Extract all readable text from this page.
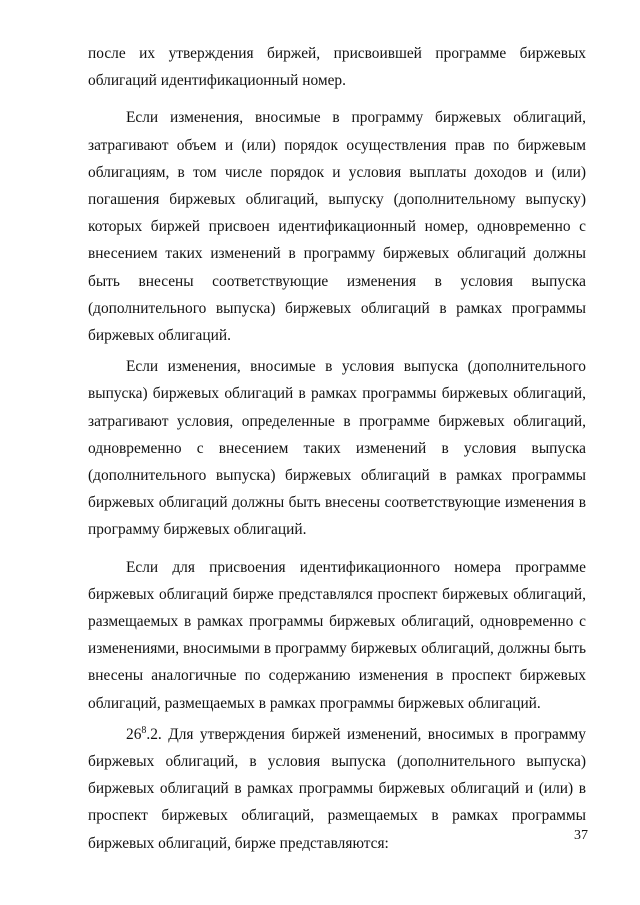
после их утверждения биржей, присвоившей программе биржевых облигаций идентификационный номер.

Если изменения, вносимые в программу биржевых облигаций, затрагивают объем и (или) порядок осуществления прав по биржевым облигациям, в том числе порядок и условия выплаты доходов и (или) погашения биржевых облигаций, выпуску (дополнительному выпуску) которых биржей присвоен идентификационный номер, одновременно с внесением таких изменений в программу биржевых облигаций должны быть внесены соответствующие изменения в условия выпуска (дополнительного выпуска) биржевых облигаций в рамках программы биржевых облигаций.

Если изменения, вносимые в условия выпуска (дополнительного выпуска) биржевых облигаций в рамках программы биржевых облигаций, затрагивают условия, определенные в программе биржевых облигаций, одновременно с внесением таких изменений в условия выпуска (дополнительного выпуска) биржевых облигаций в рамках программы биржевых облигаций должны быть внесены соответствующие изменения в программу биржевых облигаций.

Если для присвоения идентификационного номера программе биржевых облигаций бирже представлялся проспект биржевых облигаций, размещаемых в рамках программы биржевых облигаций, одновременно с изменениями, вносимыми в программу биржевых облигаций, должны быть внесены аналогичные по содержанию изменения в проспект биржевых облигаций, размещаемых в рамках программы биржевых облигаций.

$26^8.2$. Для утверждения биржей изменений, вносимых в программу биржевых облигаций, в условия выпуска (дополнительного выпуска) биржевых облигаций в рамках программы биржевых облигаций и (или) в проспект биржевых облигаций, размещаемых в рамках программы биржевых облигаций, бирже представляются:	37
